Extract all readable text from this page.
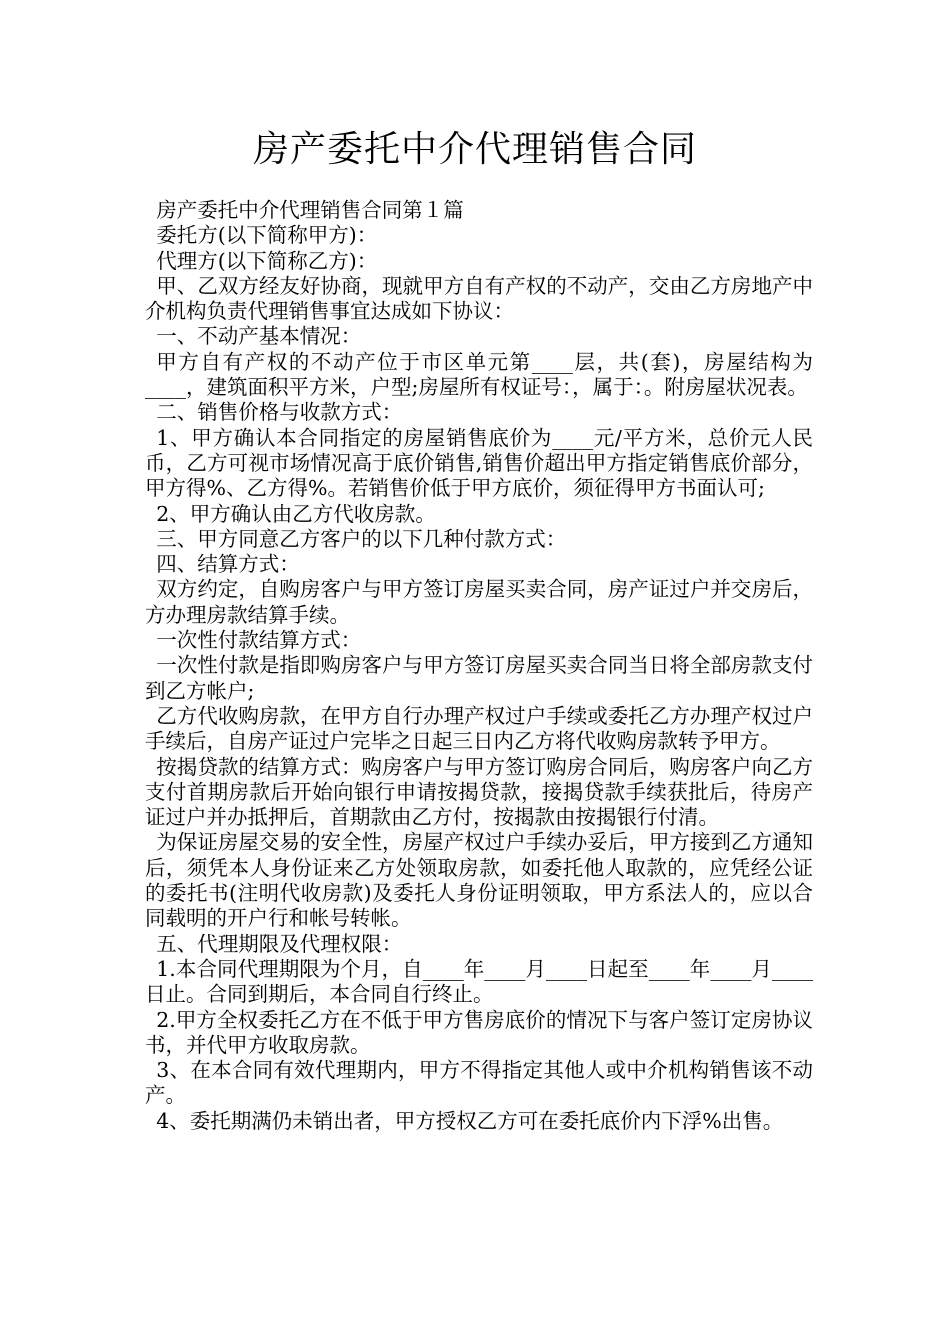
房产委托中介代理销售合同

房产委托中介代理销售合同第１篇

委托方(以下简称甲方)：

代理方(以下简称乙方)：

甲、乙双方经友好协商，现就甲方自有产权的不动产，交由乙方房地产中介机构负责代理销售事宜达成如下协议：

一、不动产基本情况：

甲方自有产权的不动产位于市区单元第____层，共(套)，房屋结构为____，建筑面积平方米，户型;房屋所有权证号：，属于：。附房屋状况表。

二、销售价格与收款方式：

1、甲方确认本合同指定的房屋销售底价为____元/平方米，总价元人民币，乙方可视市场情况高于底价销售,销售价超出甲方指定销售底价部分，甲方得%、乙方得%。若销售价低于甲方底价，须征得甲方书面认可;

2、甲方确认由乙方代收房款。

三、甲方同意乙方客户的以下几种付款方式：

四、结算方式：

双方约定，自购房客户与甲方签订房屋买卖合同，房产证过户并交房后，方办理房款结算手续。

一次性付款结算方式：

一次性付款是指即购房客户与甲方签订房屋买卖合同当日将全部房款支付到乙方帐户;

乙方代收购房款，在甲方自行办理产权过户手续或委托乙方办理产权过户手续后，自房产证过户完毕之日起三日内乙方将代收购房款转予甲方。

按揭贷款的结算方式：购房客户与甲方签订购房合同后，购房客户向乙方支付首期房款后开始向银行申请按揭贷款，接揭贷款手续获批后，待房产证过户并办抵押后，首期款由乙方付，按揭款由按揭银行付清。

为保证房屋交易的安全性，房屋产权过户手续办妥后，甲方接到乙方通知后，须凭本人身份证来乙方处领取房款，如委托他人取款的，应凭经公证的委托书(注明代收房款)及委托人身份证明领取，甲方系法人的，应以合同载明的开户行和帐号转帐。

五、代理期限及代理权限：

1.本合同代理期限为个月，自____年____月____日起至____年____月____日止。合同到期后，本合同自行终止。

2.甲方全权委托乙方在不低于甲方售房底价的情况下与客户签订定房协议书，并代甲方收取房款。

3、在本合同有效代理期内，甲方不得指定其他人或中介机构销售该不动产。

4、委托期满仍未销出者，甲方授权乙方可在委托底价内下浮%出售。
